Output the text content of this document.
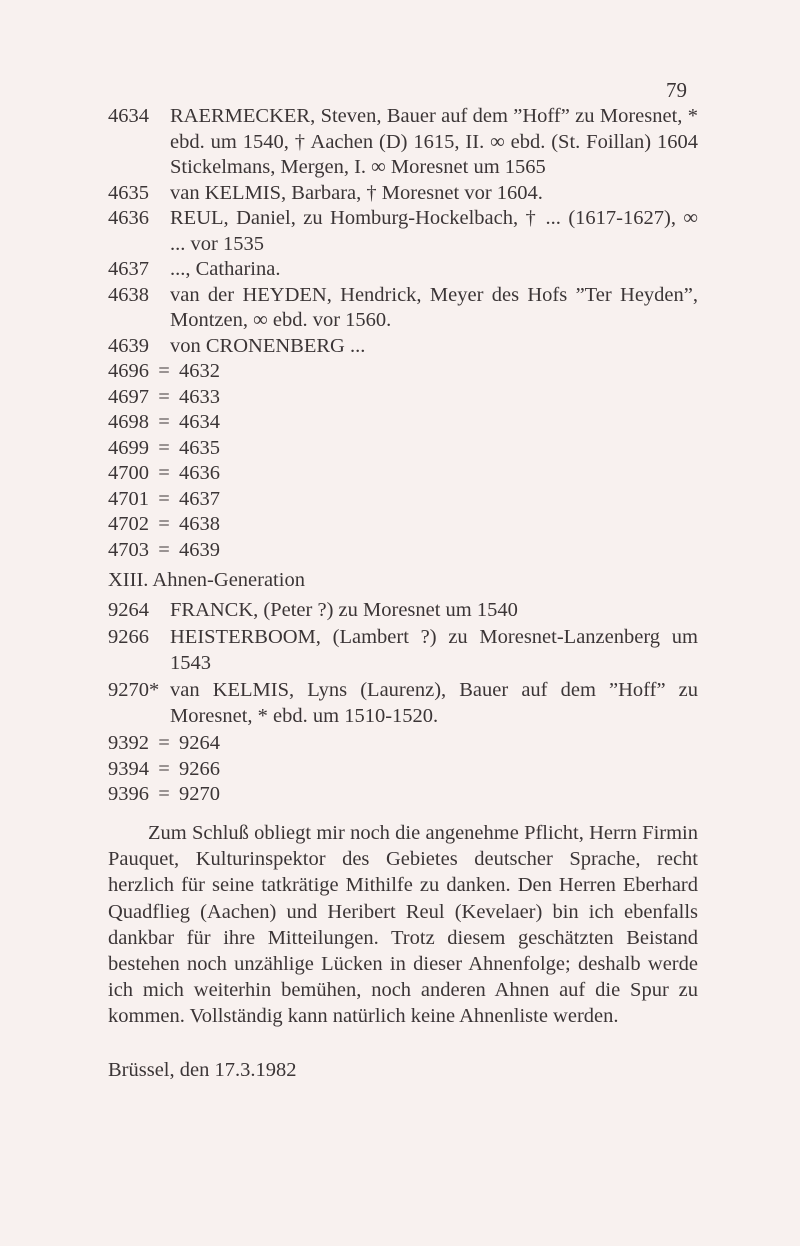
79
4634	RAERMECKER, Steven, Bauer auf dem ”Hoff” zu Moresnet, * ebd. um 1540, † Aachen (D) 1615, II. ∞ ebd. (St. Foillan) 1604 Stickelmans, Mergen, I. ∞ Moresnet um 1565
4635	van KELMIS, Barbara, † Moresnet vor 1604.
4636	REUL, Daniel, zu Homburg-Hockelbach, † ... (1617-1627), ∞ ... vor 1535
4637	..., Catharina.
4638	van der HEYDEN, Hendrick, Meyer des Hofs ”Ter Heyden”, Montzen, ∞ ebd. vor 1560.
4639	von CRONENBERG ...
4696 = 4632
4697 = 4633
4698 = 4634
4699 = 4635
4700 = 4636
4701 = 4637
4702 = 4638
4703 = 4639
XIII. Ahnen-Generation
9264	FRANCK, (Peter ?) zu Moresnet um 1540
9266	HEISTERBOOM, (Lambert ?) zu Moresnet-Lanzenberg um 1543
9270* van KELMIS, Lyns (Laurenz), Bauer auf dem ”Hoff” zu Moresnet, * ebd. um 1510-1520.
9392 = 9264
9394 = 9266
9396 = 9270

Zum Schluß obliegt mir noch die angenehme Pflicht, Herrn Firmin Pauquet, Kulturinspektor des Gebietes deutscher Sprache, recht herzlich für seine tatkrätige Mithilfe zu danken. Den Herren Eberhard Quadflieg (Aachen) und Heribert Reul (Kevelaer) bin ich ebenfalls dankbar für ihre Mitteilungen. Trotz diesem geschätzten Beistand bestehen noch unzählige Lücken in dieser Ahnenfolge; deshalb werde ich mich weiterhin bemühen, noch anderen Ahnen auf die Spur zu kommen. Vollständig kann natürlich keine Ahnenliste werden.

Brüssel, den 17.3.1982
